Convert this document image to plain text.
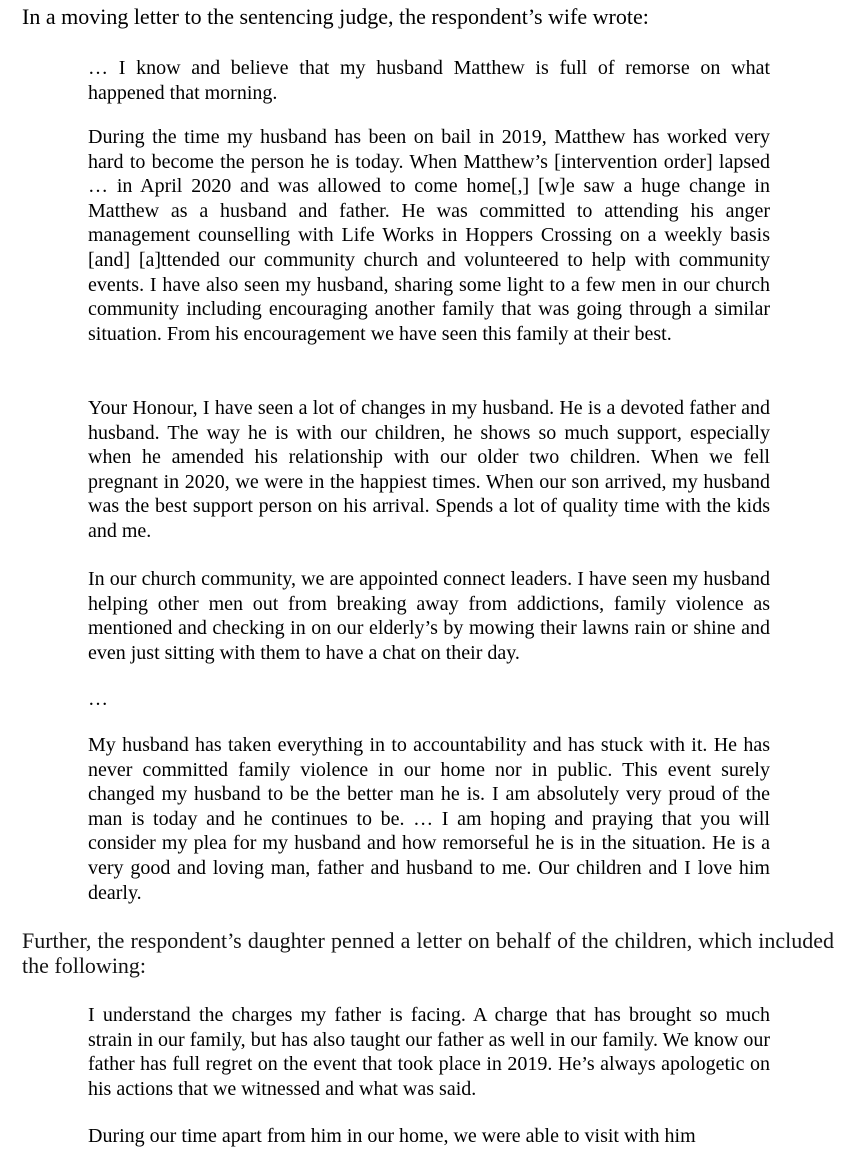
In a moving letter to the sentencing judge, the respondent’s wife wrote:

… I know and believe that my husband Matthew is full of remorse on what happened that morning.

During the time my husband has been on bail in 2019, Matthew has worked very hard to become the person he is today. When Matthew’s [intervention order] lapsed … in April 2020 and was allowed to come home[,] [w]e saw a huge change in Matthew as a husband and father. He was committed to attending his anger management counselling with Life Works in Hoppers Crossing on a weekly basis [and] [a]ttended our community church and volunteered to help with community events. I have also seen my husband, sharing some light to a few men in our church community including encouraging another family that was going through a similar situation. From his encouragement we have seen this family at their best.

Your Honour, I have seen a lot of changes in my husband. He is a devoted father and husband. The way he is with our children, he shows so much support, especially when he amended his relationship with our older two children. When we fell pregnant in 2020, we were in the happiest times. When our son arrived, my husband was the best support person on his arrival. Spends a lot of quality time with the kids and me.

In our church community, we are appointed connect leaders. I have seen my husband helping other men out from breaking away from addictions, family violence as mentioned and checking in on our elderly’s by mowing their lawns rain or shine and even just sitting with them to have a chat on their day.

…

My husband has taken everything in to accountability and has stuck with it. He has never committed family violence in our home nor in public. This event surely changed my husband to be the better man he is. I am absolutely very proud of the man is today and he continues to be. … I am hoping and praying that you will consider my plea for my husband and how remorseful he is in the situation. He is a very good and loving man, father and husband to me. Our children and I love him dearly.

Further, the respondent’s daughter penned a letter on behalf of the children, which included the following:

I understand the charges my father is facing. A charge that has brought so much strain in our family, but has also taught our father as well in our family. We know our father has full regret on the event that took place in 2019. He’s always apologetic on his actions that we witnessed and what was said.

During our time apart from him in our home, we were able to visit with him
